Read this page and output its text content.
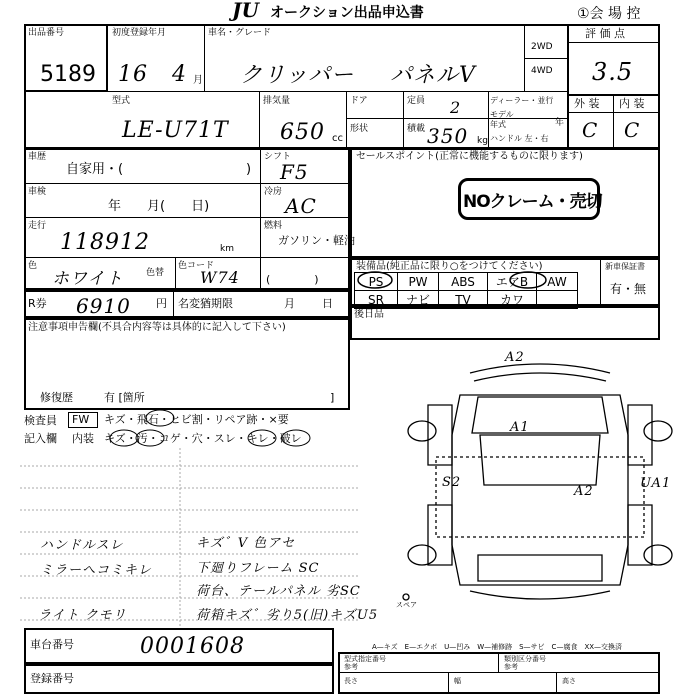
JU オークション出品申込書	①会 場 控
出品番号
5189
初度登録年月
16 4 月
車名・グレード
クリッパー パネルV
2WD
4WD
評 価 点
3.5
型式
LE-U71T
排気量
650 cc
ドア
形状
定員 2
積載 350 kg
ディーラー・並行
モデル
年式	年
ハンドル 左・右
外 装 内 装
C C
車歴
自家用・(	)
シフト
F5
車検
年　　月(　　日)
冷房
AC
走行
118912	km
燃料
ガソリン・軽油
(　　　　)
色
ホワイト	色替
色コード
W74
R券 6910 円 名変猶期限	月 日
注意事項申告欄(不具合内容等は具体的に記入して下さい)
修復歴	有 [箇所	]
検査員 FW キズ・飛石・ヒビ割・リペア跡・×要
記入欄 内装 キズ・汚・コゲ・穴・スレ・キレ・破レ
ハンドルスレ
ミラーへコミキレ
ライト クモリ
キズ゛V 色アセ
下廻りフレーム SC
荷台、テールパネル 劣SC
荷箱キズ゛劣り5(旧)キズU5
セールスポイント(正常に機能するものに限ります)
NOクレーム・売切
装備品(純正品に限り○をつけてください)	新車保証書
有・無
PS	PW	ABS	エアB	AW
SR	ナビ	TV	カワ	
後日品
A2
A1
S2
A2
UA1
スペア
A—キズ　E—エクボ　U—凹み　W—補修跡　S—サビ　C—腐食　XX—交換済
車台番号	0001608
登録番号
型式指定番号
参考
類別区分番号
参考
長さ	幅	高さ
